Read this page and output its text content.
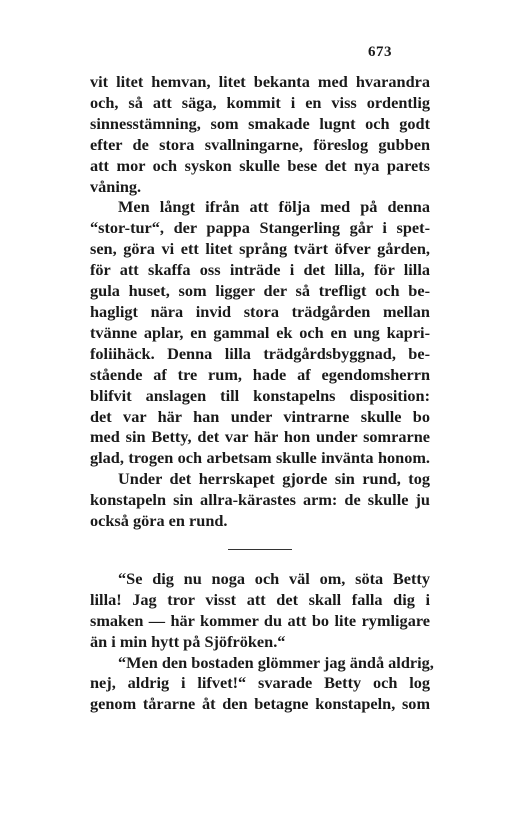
673
vit litet hemvan, litet bekanta med hvarandra
och, så att säga, kommit i en viss ordentlig
sinnesstämning, som smakade lugnt och godt
efter de stora svallningarne, föreslog gubben
att mor och syskon skulle bese det nya parets
våning.
Men långt ifrån att följa med på denna
“stor-tur“, der pappa Stangerling går i spet-
sen, göra vi ett litet språng tvärt öfver gården,
för att skaffa oss inträde i det lilla, för lilla
gula huset, som ligger der så trefligt och be-
hagligt nära invid stora trädgården mellan
tvänne aplar, en gammal ek och en ung kapri-
foliihäck. Denna lilla trädgårdsbyggnad, be-
stående af tre rum, hade af egendomsherrn
blifvit anslagen till konstapelns disposition:
det var här han under vintrarne skulle bo
med sin Betty, det var här hon under somrarne
glad, trogen och arbetsam skulle invänta honom.
Under det herrskapet gjorde sin rund, tog
konstapeln sin allra-kärastes arm: de skulle ju
också göra en rund.
“Se dig nu noga och väl om, söta Betty
lilla! Jag tror visst att det skall falla dig i
smaken — här kommer du att bo lite rymligare
än i min hytt på Sjöfröken.“
“Men den bostaden glömmer jag ändå aldrig,
nej, aldrig i lifvet!“ svarade Betty och log
genom tårarne åt den betagne konstapeln, som
